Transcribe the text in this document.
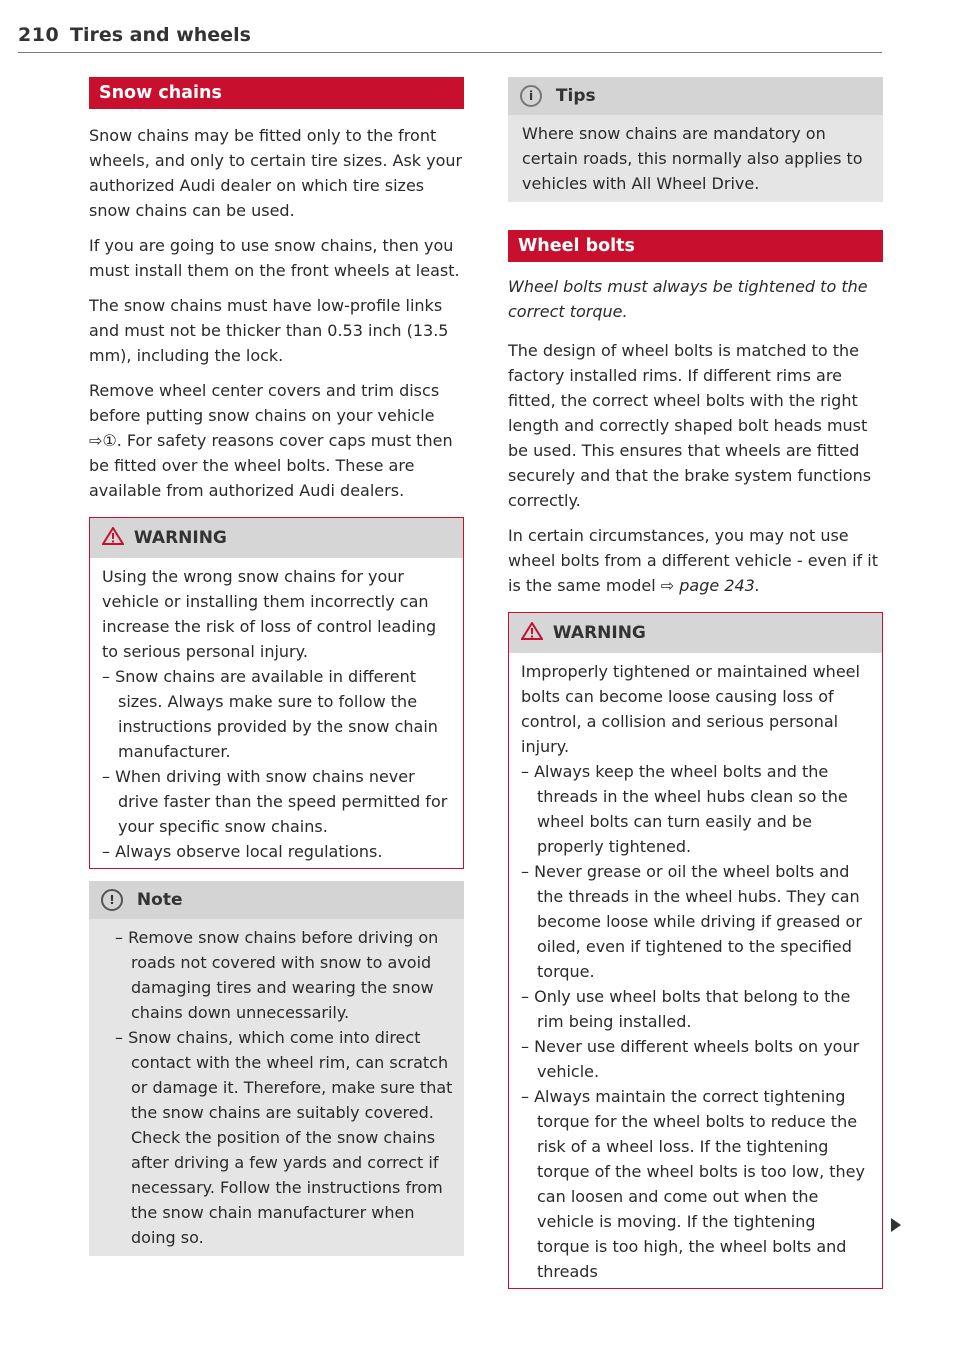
210 Tires and wheels
Snow chains

Snow chains may be fitted only to the front wheels, and only to certain tire sizes. Ask your authorized Audi dealer on which tire sizes snow chains can be used.

If you are going to use snow chains, then you must install them on the front wheels at least.

The snow chains must have low-profile links and must not be thicker than 0.53 inch (13.5 mm), including the lock.

Remove wheel center covers and trim discs before putting snow chains on your vehicle ⇨①. For safety reasons cover caps must then be fitted over the wheel bolts. These are available from authorized Audi dealers.

WARNING

Using the wrong snow chains for your vehicle or installing them incorrectly can increase the risk of loss of control leading to serious personal injury.

– Snow chains are available in different sizes. Always make sure to follow the instructions provided by the snow chain manufacturer.
– When driving with snow chains never drive faster than the speed permitted for your specific snow chains.
– Always observe local regulations.
! Note
– Remove snow chains before driving on roads not covered with snow to avoid damaging tires and wearing the snow chains down unnecessarily.
– Snow chains, which come into direct contact with the wheel rim, can scratch or damage it. Therefore, make sure that the snow chains are suitably covered. Check the position of the snow chains after driving a few yards and correct if necessary. Follow the instructions from the snow chain manufacturer when doing so.
i Tips

Where snow chains are mandatory on certain roads, this normally also applies to vehicles with All Wheel Drive.

Wheel bolts

Wheel bolts must always be tightened to the correct torque.

The design of wheel bolts is matched to the factory installed rims. If different rims are fitted, the correct wheel bolts with the right length and correctly shaped bolt heads must be used. This ensures that wheels are fitted securely and that the brake system functions correctly.

In certain circumstances, you may not use wheel bolts from a different vehicle - even if it is the same model ⇨ page 243.

WARNING

Improperly tightened or maintained wheel bolts can become loose causing loss of control, a collision and serious personal injury.

– Always keep the wheel bolts and the threads in the wheel hubs clean so the wheel bolts can turn easily and be properly tightened.
– Never grease or oil the wheel bolts and the threads in the wheel hubs. They can become loose while driving if greased or oiled, even if tightened to the specified torque.
– Only use wheel bolts that belong to the rim being installed.
– Never use different wheels bolts on your vehicle.
– Always maintain the correct tightening torque for the wheel bolts to reduce the risk of a wheel loss. If the tightening torque of the wheel bolts is too low, they can loosen and come out when the vehicle is moving. If the tightening torque is too high, the wheel bolts and threads
